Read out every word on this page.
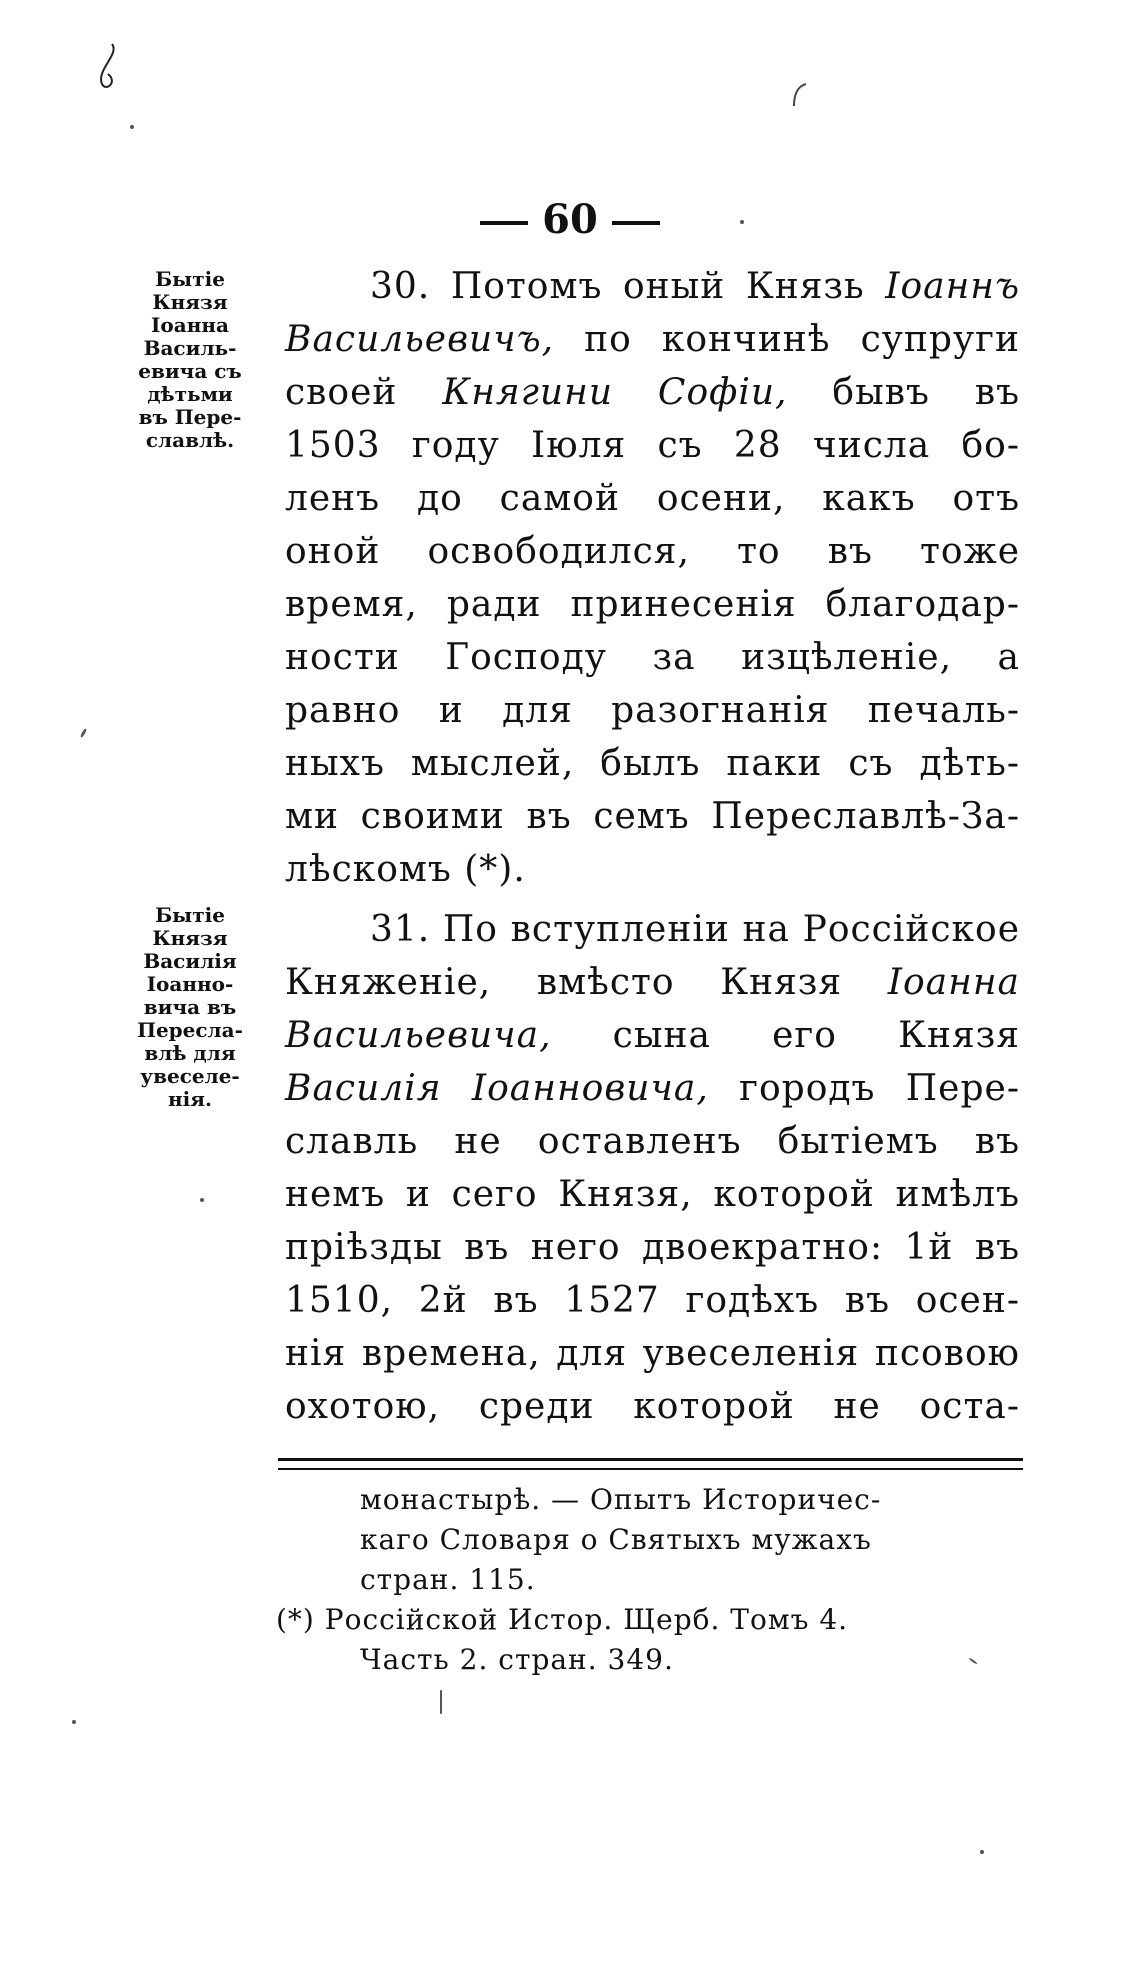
60
Бытіе
Князя
Іоанна
Василь-
евича съ
дѣтьми
въ Пере-
славлѣ.
Бытіе
Князя
Василія
Іоанно-
вича въ
Пересла-
влѣ для
увеселе-
нія.
30. Потомъ оный Князь Іоаннъ
Васильевичъ, по кончинѣ супруги
своей Княгини Софіи, бывъ въ
1503 году Іюля съ 28 числа бо-
ленъ до самой осени, какъ отъ
оной освободился, то въ тоже
время, ради принесенія благодар-
ности Господу за изцѣленіе, а
равно и для разогнанія печаль-
ныхъ мыслей, былъ паки съ дѣть-
ми своими въ семъ Переславлѣ-За-
лѣскомъ (*).
31. По вступленіи на Россійское
Княженіе, вмѣсто Князя Іоанна
Васильевича, сына его Князя
Василія Іоанновича, городъ Пере-
славль не оставленъ бытіемъ въ
немъ и сего Князя, которой имѣлъ
пріѣзды въ него двоекратно: 1й въ
1510, 2й въ 1527 годѣхъ въ осен-
нія времена, для увеселенія псовою
охотою, среди которой не оста-
монастырѣ. — Опытъ Историчес-
каго Словаря о Святыхъ мужахъ
стран. 115.
(*) Россійской Истор. Щерб. Томъ 4.
Часть 2. стран. 349.
